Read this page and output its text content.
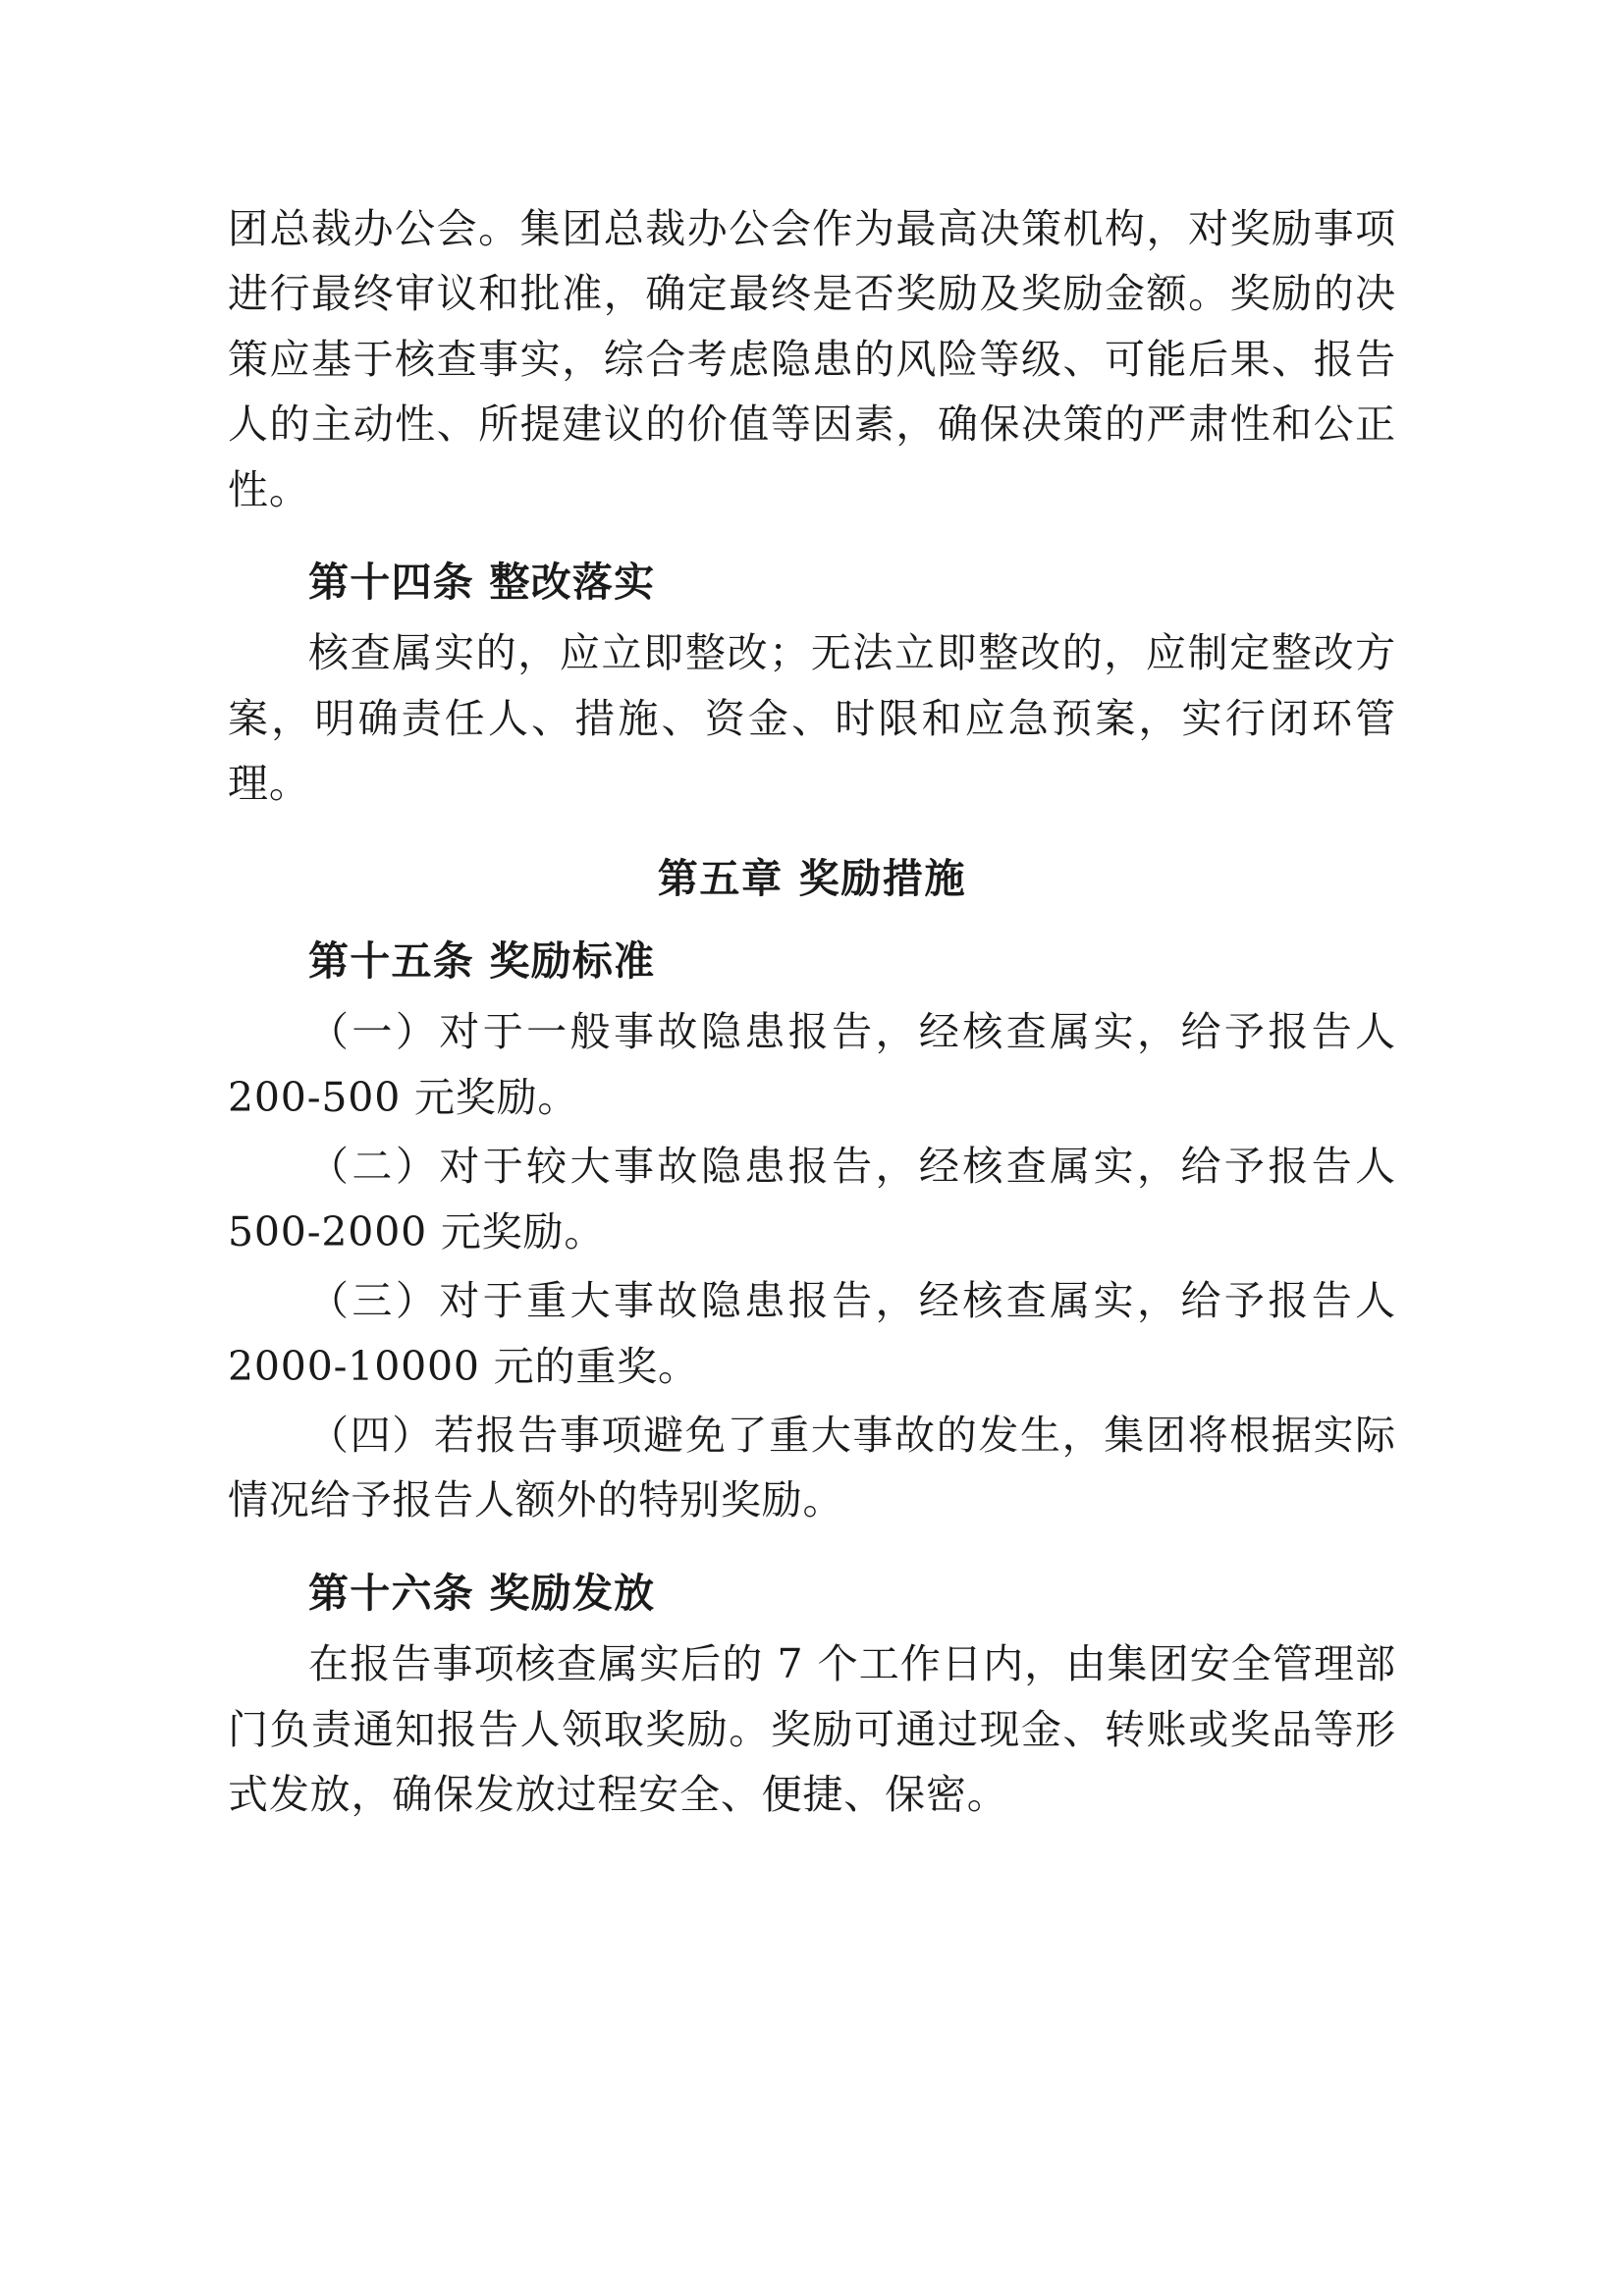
团总裁办公会。集团总裁办公会作为最高决策机构，对奖励事项进行最终审议和批准，确定最终是否奖励及奖励金额。奖励的决策应基于核查事实，综合考虑隐患的风险等级、可能后果、报告人的主动性、所提建议的价值等因素，确保决策的严肃性和公正性。

第十四条 整改落实

核查属实的，应立即整改；无法立即整改的，应制定整改方案，明确责任人、措施、资金、时限和应急预案，实行闭环管理。

第五章 奖励措施

第十五条 奖励标准

（一）对于一般事故隐患报告，经核查属实，给予报告人 200-500 元奖励。

（二）对于较大事故隐患报告，经核查属实，给予报告人 500-2000 元奖励。

（三）对于重大事故隐患报告，经核查属实，给予报告人 2000-10000 元的重奖。

（四）若报告事项避免了重大事故的发生，集团将根据实际情况给予报告人额外的特别奖励。

第十六条 奖励发放

在报告事项核查属实后的 7 个工作日内，由集团安全管理部门负责通知报告人领取奖励。奖励可通过现金、转账或奖品等形式发放，确保发放过程安全、便捷、保密。
